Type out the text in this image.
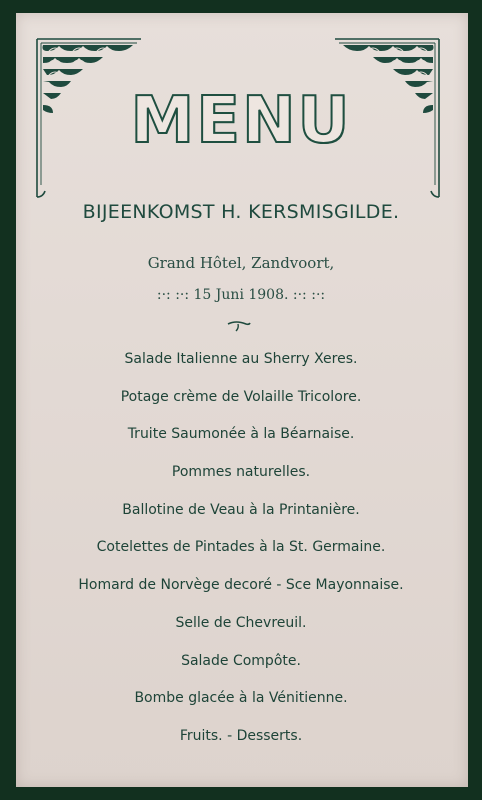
MENU
BIJEENKOMST H. KERSMISGILDE.
Grand Hôtel, Zandvoort,
:·: :·: 15 Juni 1908. :·: :·:
Salade Italienne au Sherry Xeres.
Potage crème de Volaille Tricolore.
Truite Saumonée à la Béarnaise.
Pommes naturelles.
Ballotine de Veau à la Printanière.
Cotelettes de Pintades à la St. Germaine.
Homard de Norvège decoré - Sce Mayonnaise.
Selle de Chevreuil.
Salade Compôte.
Bombe glacée à la Vénitienne.
Fruits. - Desserts.
